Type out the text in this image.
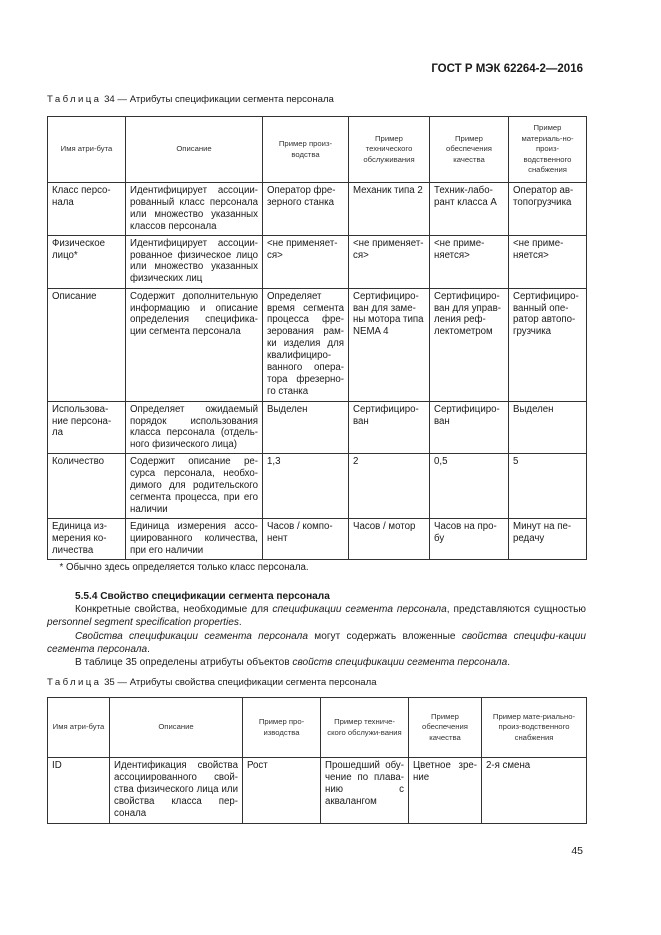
ГОСТ Р МЭК 62264-2—2016
Таблица 34 — Атрибуты спецификации сегмента персонала
Имя атри-бута	Описание	Пример произ-водства	Пример технического обслуживания	Пример обеспечения качества	Пример материаль-но-произ-водственного снабжения
Класс персо-нала	Идентифицирует ассоции-рованный класс персонала или множество указанных классов персонала	Оператор фре-зерного станка	Механик типа 2	Техник-лабо-рант класса А	Оператор ав-топогрузчика
Физическое лицо*	Идентифицирует ассоции-рованное физическое лицо или множество указанных физических лиц	<не применяет-ся>	<не применяет-ся>	<не приме-няется>	<не приме-няется>
Описание	Содержит дополнительную информацию и описание определения специфика-ции сегмента персонала	Определяет время сегмента процесса фре-зерования рам-ки изделия для квалифициро-ванного опера-тора фрезерно-го станка	Сертифициро-ван для заме-ны мотора типа NEMA 4	Сертифициро-ван для управ-ления реф-лектометром	Сертифициро-ванный опе-ратор автопо-грузчика
Использова-ние персона-ла	Определяет ожидаемый порядок использования класса персонала (отдель-ного физического лица)	Выделен	Сертифициро-ван	Сертифициро-ван	Выделен
Количество	Содержит описание ре-сурса персонала, необхо-димого для родительского сегмента процесса, при его наличии	1,3	2	0,5	5
Единица из-мерения ко-личества	Единица измерения ассо-циированного количества, при его наличии	Часов / компо-нент	Часов / мотор	Часов на про-бу	Минут на пе-редачу
* Обычно здесь определяется только класс персонала.					
5.5.4 Свойство спецификации сегмента персонала

Конкретные свойства, необходимые для спецификации сегмента персонала, представляются сущностью personnel segment specification properties.

Свойства спецификации сегмента персонала могут содержать вложенные свойства специфи-кации сегмента персонала.

В таблице 35 определены атрибуты объектов свойств спецификации сегмента персонала.

Таблица 35 — Атрибуты свойства спецификации сегмента персонала
Имя атри-бута	Описание	Пример про-изводства	Пример техниче-ского обслужи-вания	Пример обеспечения качества	Пример мате-риально-произ-водственного снабжения
ID	Идентификация свойства ассоциированного свой-ства физического лица или свойства класса пер-сонала	Рост	Прошедший обу-чение по плава-нию с аквалангом	Цветное зре-ние	2-я смена
45
